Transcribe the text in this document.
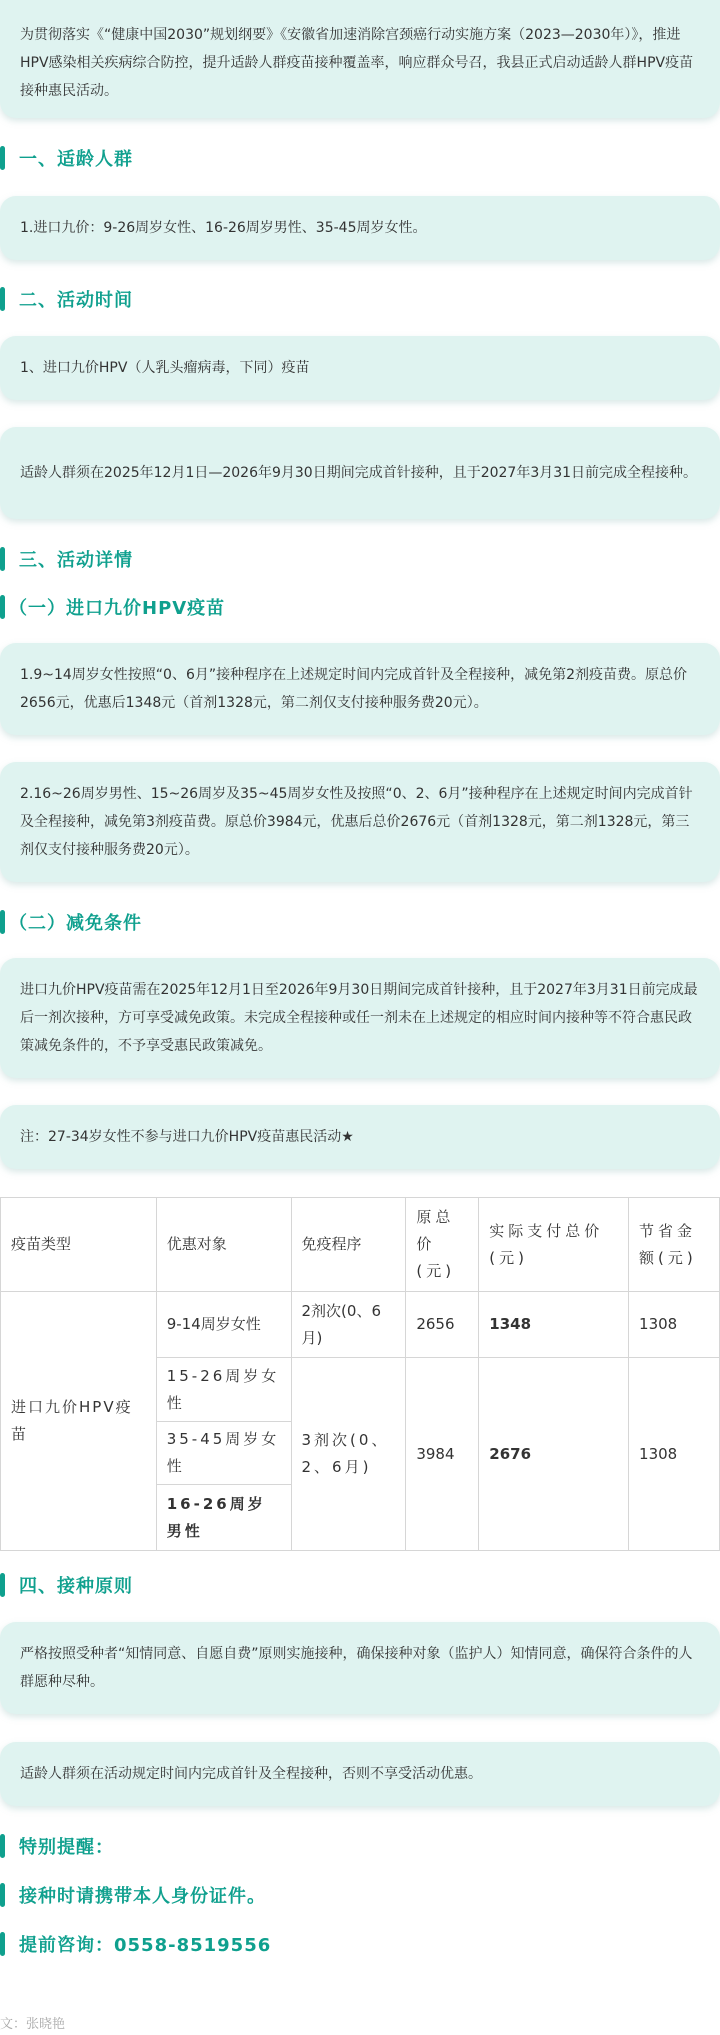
为贯彻落实《“健康中国2030”规划纲要》《安徽省加速消除宫颈癌行动实施方案（2023—2030年）》，推进HPV感染相关疾病综合防控，提升适龄人群疫苗接种覆盖率，响应群众号召，我县正式启动适龄人群HPV疫苗接种惠民活动。
一、适龄人群
1.进口九价：9-26周岁女性、16-26周岁男性、35-45周岁女性。
二、活动时间
1、进口九价HPV（人乳头瘤病毒，下同）疫苗
适龄人群须在2025年12月1日—2026年9月30日期间完成首针接种，且于2027年3月31日前完成全程接种。
三、活动详情
（一）进口九价HPV疫苗
1.9~14周岁女性按照“0、6月”接种程序在上述规定时间内完成首针及全程接种，减免第2剂疫苗费。原总价2656元，优惠后1348元（首剂1328元，第二剂仅支付接种服务费20元）。
2.16~26周岁男性、15~26周岁及35~45周岁女性及按照“0、2、6月”接种程序在上述规定时间内完成首针及全程接种，减免第3剂疫苗费。原总价3984元，优惠后总价2676元（首剂1328元，第二剂1328元，第三剂仅支付接种服务费20元）。
（二）减免条件
进口九价HPV疫苗需在2025年12月1日至2026年9月30日期间完成首针接种，且于2027年3月31日前完成最后一剂次接种，方可享受减免政策。未完成全程接种或任一剂未在上述规定的相应时间内接种等不符合惠民政策减免条件的，不予享受惠民政策减免。
注：27-34岁女性不参与进口九价HPV疫苗惠民活动★
疫苗类型	优惠对象	免疫程序	原总价(元)	实际支付总价(元)	节省金额(元)
进口九价HPV疫苗	9-14周岁女性	2剂次(0、6月)	2656	1348	1308
	15-26周岁女性	3剂次(0、2、6月)	3984	2676	1308
	35-45周岁女性				
	16-26周岁男性				
四、接种原则
严格按照受种者“知情同意、自愿自费”原则实施接种，确保接种对象（监护人）知情同意，确保符合条件的人群愿种尽种。
适龄人群须在活动规定时间内完成首针及全程接种，否则不享受活动优惠。
特别提醒：
接种时请携带本人身份证件。
提前咨询：0558-8519556
文：张晓艳
